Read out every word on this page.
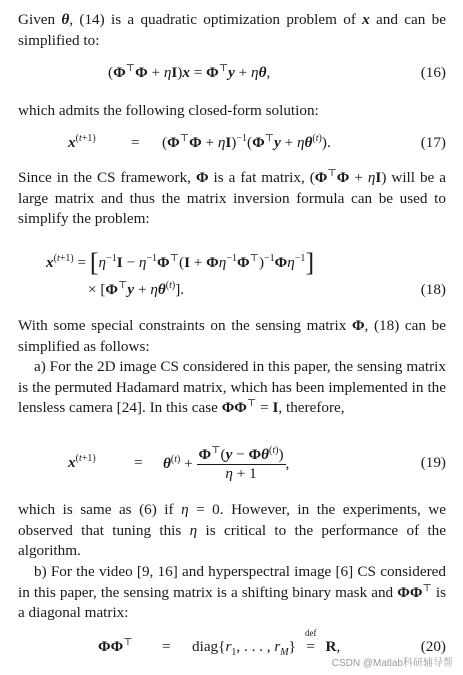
Given θ, (14) is a quadratic optimization problem of x and can be simplified to:

(Φ⊤Φ + ηI)x = Φ⊤y + ηθ,	(16)

which admits the following closed-form solution:

$x^{(t+1)} = (\Phi^⊤\Phi + \eta I)^{-1}(\Phi^⊤y + \eta\theta^{(t)})$.	(17)

Since in the CS framework, Φ is a fat matrix, (Φ⊤Φ + ηI) will be a large matrix and thus the matrix inversion formula can be used to simplify the problem:

$x^{(t+1)} = [\eta^{-1}I - \eta^{-1}\Phi^⊤(I + \Phi\eta^{-1}\Phi^⊤)^{-1}\Phi\eta^{-1}]$
× $[\Phi^⊤y + \eta\theta^{(t)}]$.	(18)

With some special constraints on the sensing matrix Φ, (18) can be simplified as follows:

a) For the 2D image CS considered in this paper, the sensing matrix is the permuted Hadamard matrix, which has been implemented in the lensless camera [24]. In this case ΦΦ⊤ = I, therefore,

$x^{(t+1)}$	= $\theta^{(t)} + \frac{\Phi^⊤(y - \Phi\theta^{(t)})}{\eta + 1}$ ,	(19)

which is same as (6) if η = 0. However, in the experiments, we observed that tuning this η is critical to the performance of the algorithm.

b) For the video [9, 16] and hyperspectral image [6] CS considered in this paper, the sensing matrix is a shifting binary mask and ΦΦ⊤ is a diagonal matrix:

$\Phi\Phi^⊤ = diag\{r_1$, . . . , $r_M$}
def
= R,	(20)
CSDN @Matlab科研辅导帮
